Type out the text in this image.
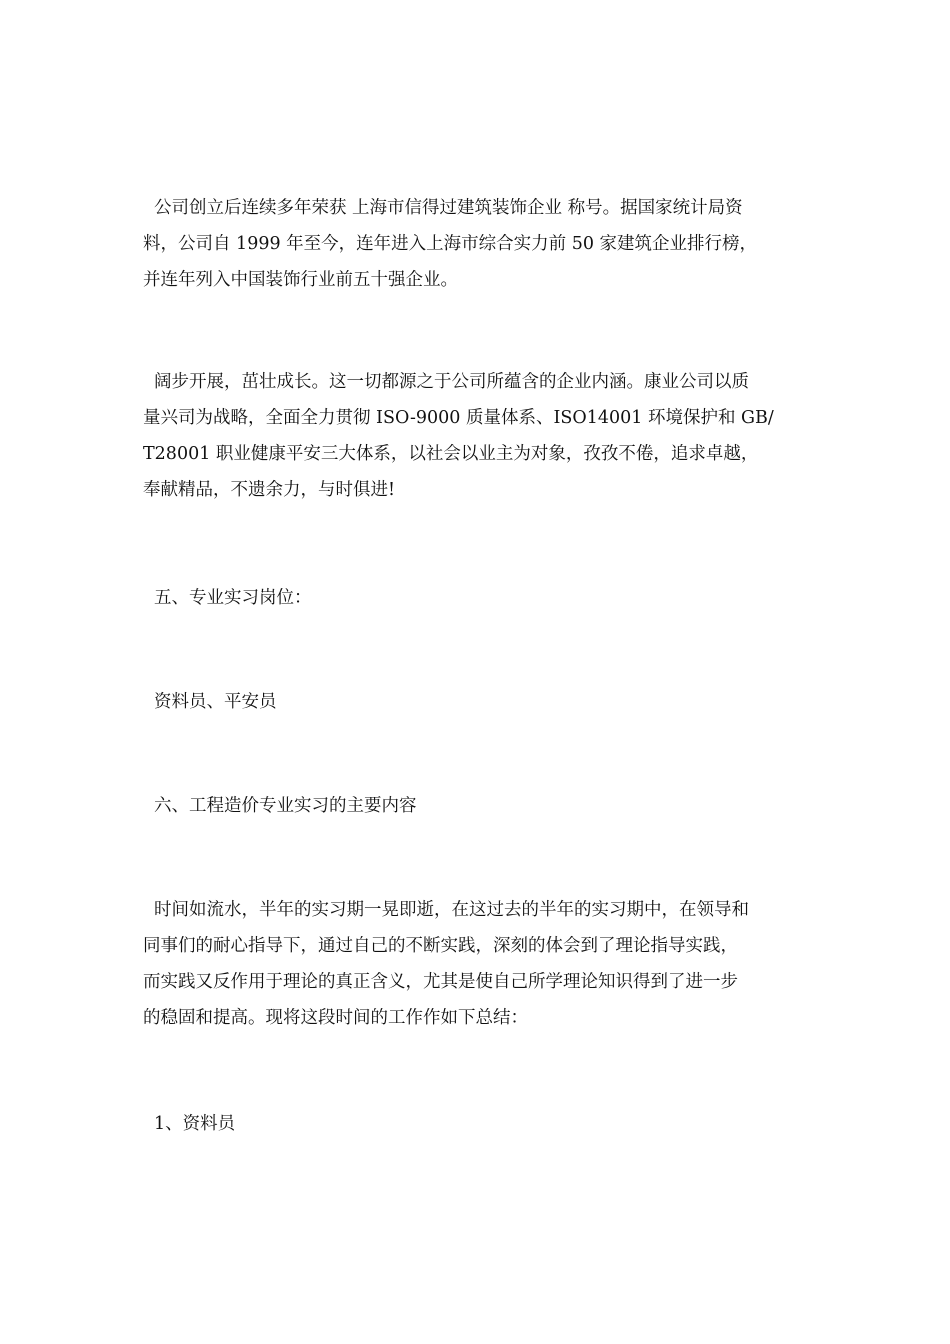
公司创立后连续多年荣获 上海市信得过建筑装饰企业 称号。据国家统计局资
料，公司自 1999 年至今，连年进入上海市综合实力前 50 家建筑企业排行榜，
并连年列入中国装饰行业前五十强企业。
阔步开展，茁壮成长。这一切都源之于公司所蕴含的企业内涵。康业公司以质
量兴司为战略，全面全力贯彻 ISO-9000 质量体系、ISO14001 环境保护和 GB/
T28001 职业健康平安三大体系，以社会以业主为对象，孜孜不倦，追求卓越，
奉献精品，不遗余力，与时俱进!
五、专业实习岗位：
资料员、平安员
六、工程造价专业实习的主要内容
时间如流水，半年的实习期一晃即逝，在这过去的半年的实习期中，在领导和
同事们的耐心指导下，通过自己的不断实践，深刻的体会到了理论指导实践，
而实践又反作用于理论的真正含义，尤其是使自己所学理论知识得到了进一步
的稳固和提高。现将这段时间的工作作如下总结：
1、资料员
